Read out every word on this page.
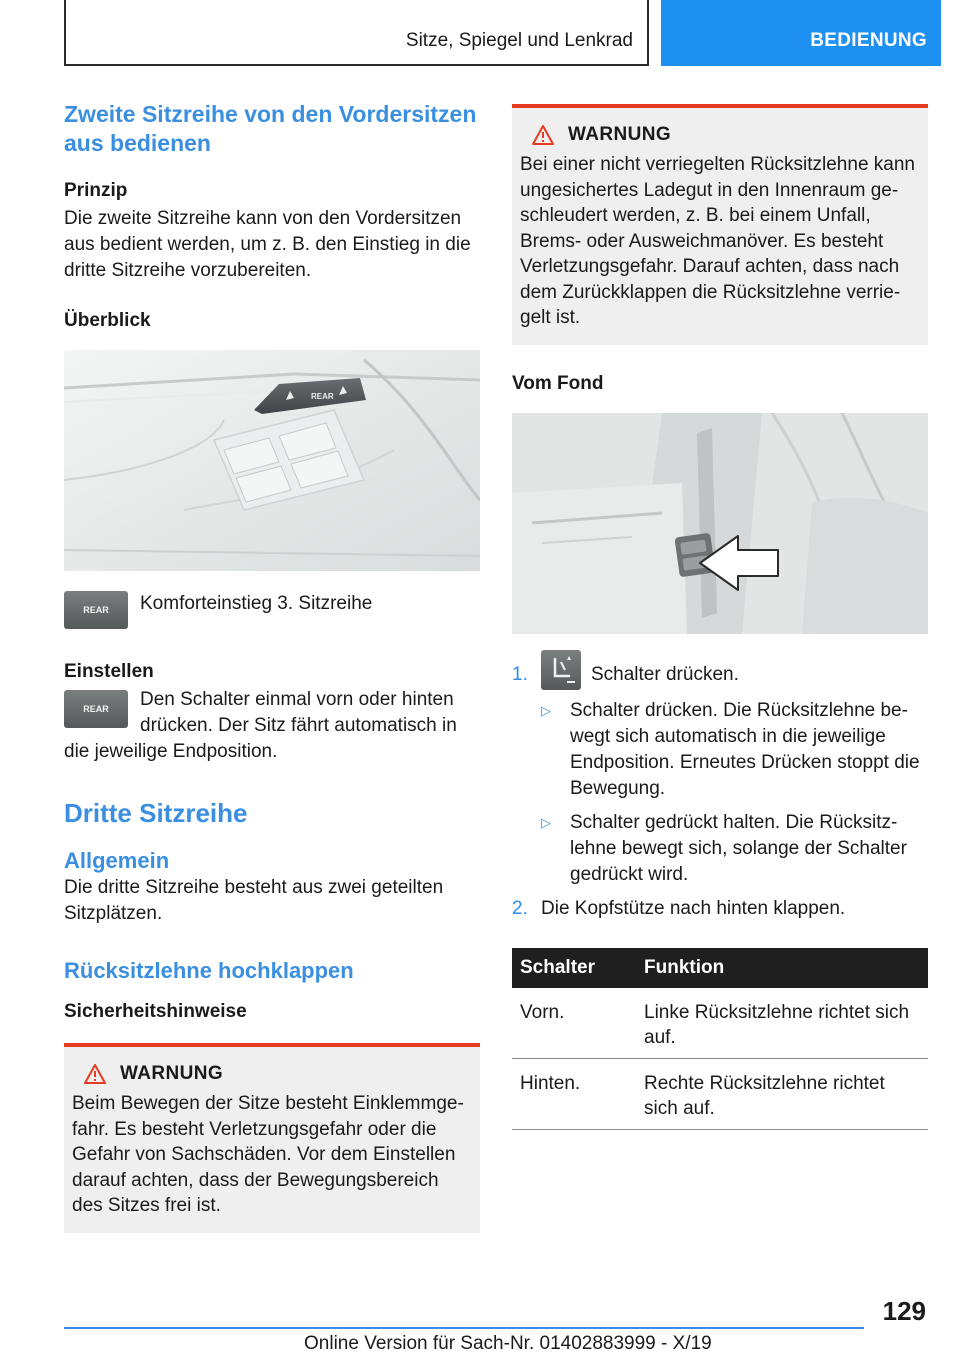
Sitze, Spiegel und Lenkrad	BEDIENUNG
Zweite Sitzreihe von den Vordersitzen aus bedienen
Prinzip

Die zweite Sitzreihe kann von den Vordersitzen aus bedient werden, um z. B. den Einstieg in die dritte Sitzreihe vorzubereiten.

Überblick
REAR
REAR	Komforteinstieg 3. Sitzreihe
Einstellen
REAR	Den Schalter einmal vorn oder hinten drücken. Der Sitz fährt automatisch in die jeweilige Endposition.

Dritte Sitzreihe
Allgemein

Die dritte Sitzreihe besteht aus zwei geteilten Sitzplätzen.

Rücksitzlehne hochklappen
Sicherheitshinweise
WARNUNG

Beim Bewegen der Sitze besteht Einklemmgefahr. Es besteht Verletzungsgefahr oder die Gefahr von Sachschäden. Vor dem Einstellen darauf achten, dass der Bewegungsbereich des Sitzes frei ist.

WARNUNG

Bei einer nicht verriegelten Rücksitzlehne kann ungesichertes Ladegut in den Innenraum geschleudert werden, z. B. bei einem Unfall, Brems- oder Ausweichmanöver. Es besteht Verletzungsgefahr. Darauf achten, dass nach dem Zurückklappen die Rücksitzlehne verriegelt ist.

Vom Fond
1.	Schalter drücken.
▷	Schalter drücken. Die Rücksitzlehne bewegt sich automatisch in die jeweilige Endposition. Erneutes Drücken stoppt die Bewegung.
▷	Schalter gedrückt halten. Die Rücksitzlehne bewegt sich, solange der Schalter gedrückt wird.
2. Die Kopfstütze nach hinten klappen.
Schalter	Funktion
Vorn.	Linke Rücksitzlehne richtet sich auf.
Hinten.	Rechte Rücksitzlehne richtet sich auf.
129
Online Version für Sach-Nr. 01402883999 - X/19
